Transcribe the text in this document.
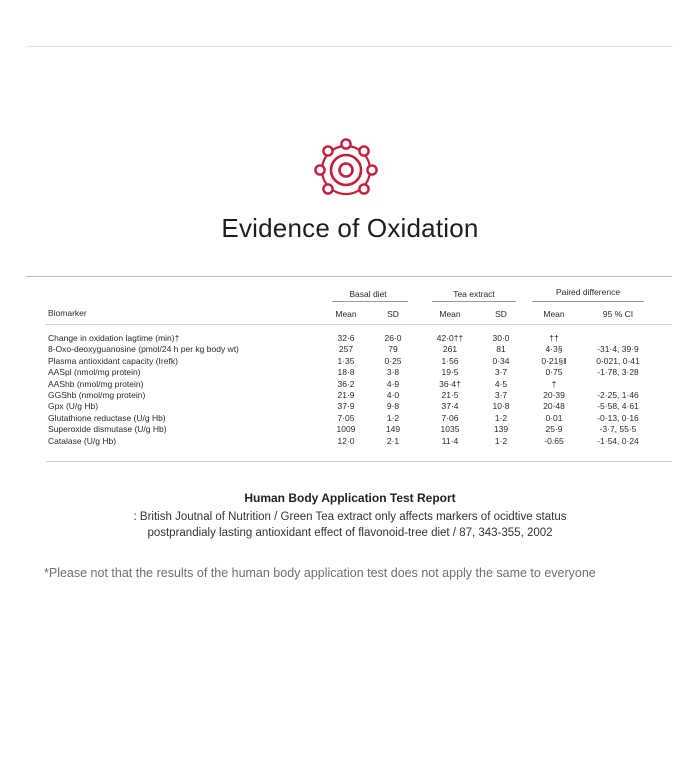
Evidence of Oxidation
Basal diet	Tea extract	Paired difference
Biomarker	Mean	SD	Mean	SD	Mean	95 % CI
Change in oxidation lagtime (min)†	32·6	26·0	42·0††	30·0	††
8-Oxo-deoxyguanosine (pmol/24 h per kg body wt)	257	79	261	81	4·3§	-31·4, 39·9
Plasma antioxidant capacity (Irefk)	1·35	0·25	1·56	0·34	0·21§‖	0·021, 0·41
AASpl (nmol/mg protein)	18·8	3·8	19·5	3·7	0·75	-1·78, 3·28
AAShb (nmol/mg protein)	36·2	4·9	36·4†	4·5	†
GGShb (nmol/mg protein)	21·9	4·0	21·5	3·7	20·39	-2·25, 1·46
Gpx (U/g Hb)	37·9	9·8	37·4	10·8	20·48	-5·58, 4·61
Glutathione reductase (U/g Hb)	7·05	1·2	7·06	1·2	0·01	-0·13, 0·16
Superoxide dismutase (U/g Hb)	1009	149	1035	139	25·9	-3·7, 55·5
Catalase (U/g Hb)	12·0	2·1	11·4	1·2	-0.65	-1·54, 0·24
Human Body Application Test Report
: British Joutnal of Nutrition / Green Tea extract only affects markers of ocidtive status
postprandialy lasting antioxidant effect of flavonoid-tree diet / 87, 343-355, 2002
*Please not that the results of the human body application test does not apply the same to everyone
